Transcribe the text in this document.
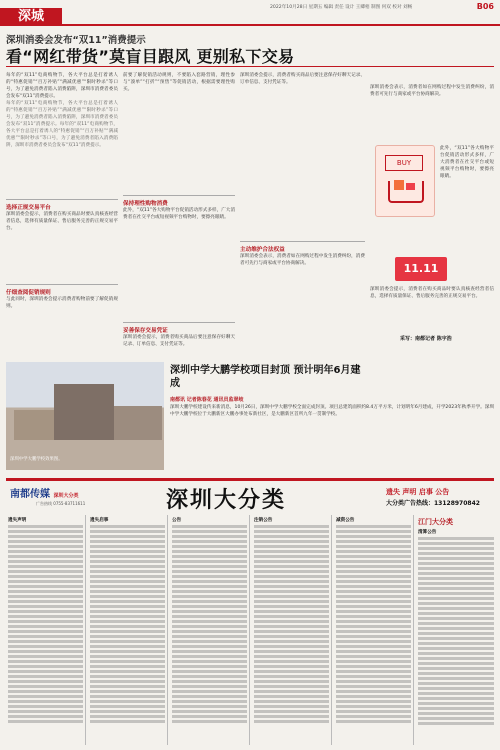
深城
2022年10月28日 星期五 编辑 责任 设计 王卿梧 制图 何双 校对 刘畅	B06
深圳消委会发布“双11”消费提示
看“网红带货”莫盲目跟风 更别私下交易

每年的“双11”电商购物节，各大平台总是打着诱人的“特惠促销”“百万补贴”“满减优惠”“限时秒杀”等口号，为了避免消费者陷入消费陷阱，深圳市消费者委员会发布“双11”消费提示。

每年的“双11”电商购物节，各大平台总是打着诱人的“特惠促销”“百万补贴”“满减优惠”“限时秒杀”等口号，为了避免消费者陷入消费陷阱，深圳市消费者委员会发布“双11”消费提示。每年的“双11”电商购物节，各大平台总是打着诱人的“特惠促销”“百万补贴”“满减优惠”“限时秒杀”等口号，为了避免消费者陷入消费陷阱，深圳市消费者委员会发布“双11”消费提示。
选择正规交易平台

深圳消委会提示，消费者在购买商品时要认真核查经营者信息，选择有质量保证、售后服务完善的正规交易平台。

仔细查阅促销规则

与此同时，深圳消委会提示消费者购物前要了解促销规则。

前要了解促销活动规则，不要陷入套路营销，理性参与“凑单”“打折”“预售”等促销活动，根据需要理性购买。

保持理性购物消费

此外，“双11”各大购物平台促销活动形式多样，广大消费者在社交平台或短视频平台购物时，要擦亮眼睛。

妥善保存交易凭证

深圳消委会提示，消费者购买商品后要注意保存好聊天记录、订单信息、支付凭证等。

深圳消委会提示，消费者购买商品后要注意保存好聊天记录、订单信息、支付凭证等。

主动维护合法权益

深圳消委会表示，消费者如在网购过程中发生消费纠纷，消费者可先行与商家或平台协商解决。

深圳消委会表示，消费者如在网购过程中发生消费纠纷，消费者可先行与商家或平台协商解决。
BUY
此外，“双11”各大购物平台促销活动形式多样，广大消费者在社交平台或短视频平台购物时，要擦亮眼睛。
11.11
深圳消委会提示，消费者在购买商品时要认真核查经营者信息，选择有质量保证、售后服务完善的正规交易平台。
采写：南都记者 陈宇浩
深圳中学大鹏学校效果图。
深圳中学大鹏学校项目封顶 预计明年6月建成
南都讯 记者陈春花 通讯员监翠岐
深圳大鹏学校建设传来新消息，10月26日，深圳中学大鹏学校全面完成封顶。项目总建筑面积约8.4万平方米，计划明年6月建成，开学2023年秋季开学。深圳中学大鹏学校位于大鹏新区大鹏办事处布新社区，是大鹏新区首所九年一贯制学校。
南都传媒 深圳大分类
广告热线 0755-83711611	深圳大分类	遗失 声明 启事 公告
大分类广告热线：13128970842
遗失声明	遗失启事	公告	注销公告	减资公告	江门大分类
清算公告
